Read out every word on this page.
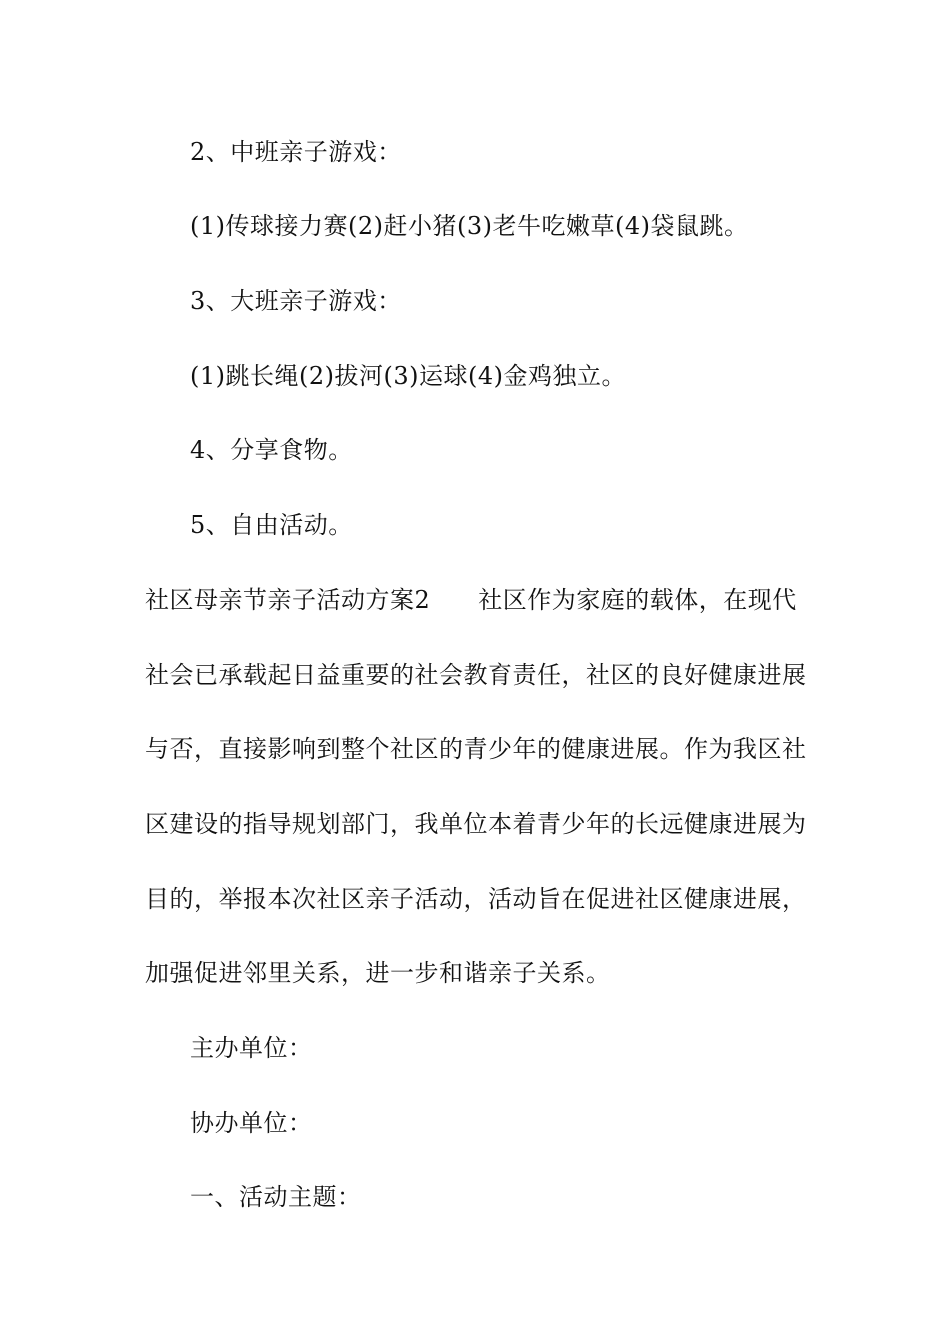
2、中班亲子游戏：
(1)传球接力赛(2)赶小猪(3)老牛吃嫩草(4)袋鼠跳。
3、大班亲子游戏：
(1)跳长绳(2)拔河(3)运球(4)金鸡独立。
4、分享食物。
5、自由活动。
社区母亲节亲子活动方案2 社区作为家庭的载体，在现代
社会已承载起日益重要的社会教育责任，社区的良好健康进展
与否，直接影响到整个社区的青少年的健康进展。作为我区社
区建设的指导规划部门，我单位本着青少年的长远健康进展为
目的，举报本次社区亲子活动，活动旨在促进社区健康进展，
加强促进邻里关系，进一步和谐亲子关系。
主办单位：
协办单位：
一、活动主题：
